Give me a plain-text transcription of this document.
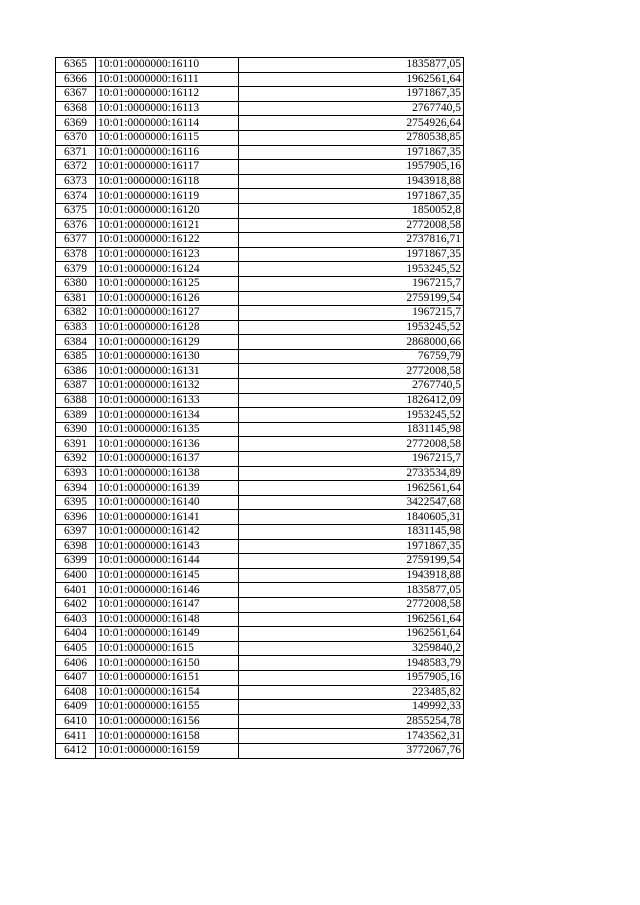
6365	10:01:0000000:16110	1835877,05
6366	10:01:0000000:16111	1962561,64
6367	10:01:0000000:16112	1971867,35
6368	10:01:0000000:16113	2767740,5
6369	10:01:0000000:16114	2754926,64
6370	10:01:0000000:16115	2780538,85
6371	10:01:0000000:16116	1971867,35
6372	10:01:0000000:16117	1957905,16
6373	10:01:0000000:16118	1943918,88
6374	10:01:0000000:16119	1971867,35
6375	10:01:0000000:16120	1850052,8
6376	10:01:0000000:16121	2772008,58
6377	10:01:0000000:16122	2737816,71
6378	10:01:0000000:16123	1971867,35
6379	10:01:0000000:16124	1953245,52
6380	10:01:0000000:16125	1967215,7
6381	10:01:0000000:16126	2759199,54
6382	10:01:0000000:16127	1967215,7
6383	10:01:0000000:16128	1953245,52
6384	10:01:0000000:16129	2868000,66
6385	10:01:0000000:16130	76759,79
6386	10:01:0000000:16131	2772008,58
6387	10:01:0000000:16132	2767740,5
6388	10:01:0000000:16133	1826412,09
6389	10:01:0000000:16134	1953245,52
6390	10:01:0000000:16135	1831145,98
6391	10:01:0000000:16136	2772008,58
6392	10:01:0000000:16137	1967215,7
6393	10:01:0000000:16138	2733534,89
6394	10:01:0000000:16139	1962561,64
6395	10:01:0000000:16140	3422547,68
6396	10:01:0000000:16141	1840605,31
6397	10:01:0000000:16142	1831145,98
6398	10:01:0000000:16143	1971867,35
6399	10:01:0000000:16144	2759199,54
6400	10:01:0000000:16145	1943918,88
6401	10:01:0000000:16146	1835877,05
6402	10:01:0000000:16147	2772008,58
6403	10:01:0000000:16148	1962561,64
6404	10:01:0000000:16149	1962561,64
6405	10:01:0000000:1615	3259840,2
6406	10:01:0000000:16150	1948583,79
6407	10:01:0000000:16151	1957905,16
6408	10:01:0000000:16154	223485,82
6409	10:01:0000000:16155	149992,33
6410	10:01:0000000:16156	2855254,78
6411	10:01:0000000:16158	1743562,31
6412	10:01:0000000:16159	3772067,76
